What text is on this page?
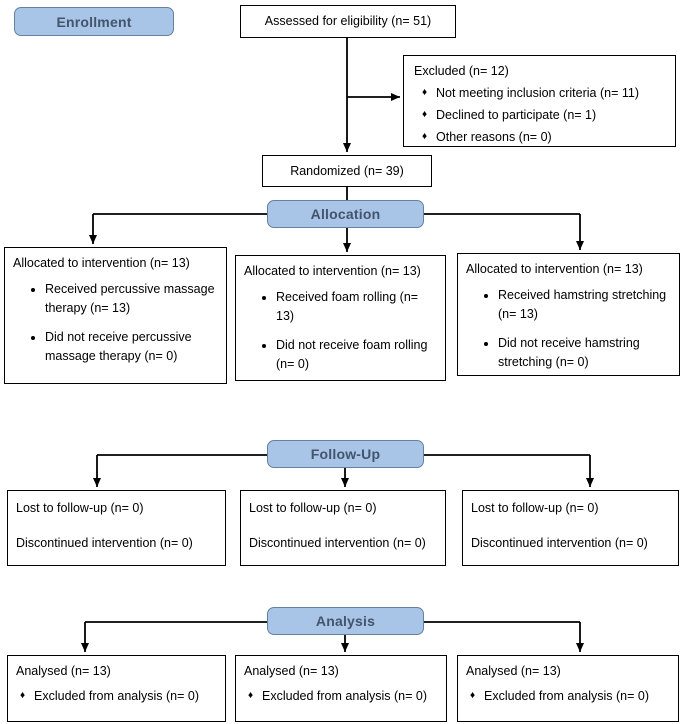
Enrollment
Allocation
Follow-Up
Analysis
Assessed for eligibility (n= 51)
Excluded (n= 12)
♦ Not meeting inclusion criteria (n= 11)
♦ Declined to participate (n= 1)
♦ Other reasons (n= 0)
Randomized (n= 39)
Allocated to intervention (n= 13)
• Received percussive massage therapy (n= 13)
• Did not receive percussive massage therapy (n= 0)
Allocated to intervention (n= 13)
• Received foam rolling (n= 13)
• Did not receive foam rolling (n= 0)
Allocated to intervention (n= 13)
• Received hamstring stretching (n= 13)
• Did not receive hamstring stretching (n= 0)
Lost to follow-up (n= 0)
Discontinued intervention (n= 0)
Lost to follow-up (n= 0)
Discontinued intervention (n= 0)
Lost to follow-up (n= 0)
Discontinued intervention (n= 0)
Analysed (n= 13)
♦ Excluded from analysis (n= 0)
Analysed (n= 13)
♦ Excluded from analysis (n= 0)
Analysed (n= 13)
♦ Excluded from analysis (n= 0)
